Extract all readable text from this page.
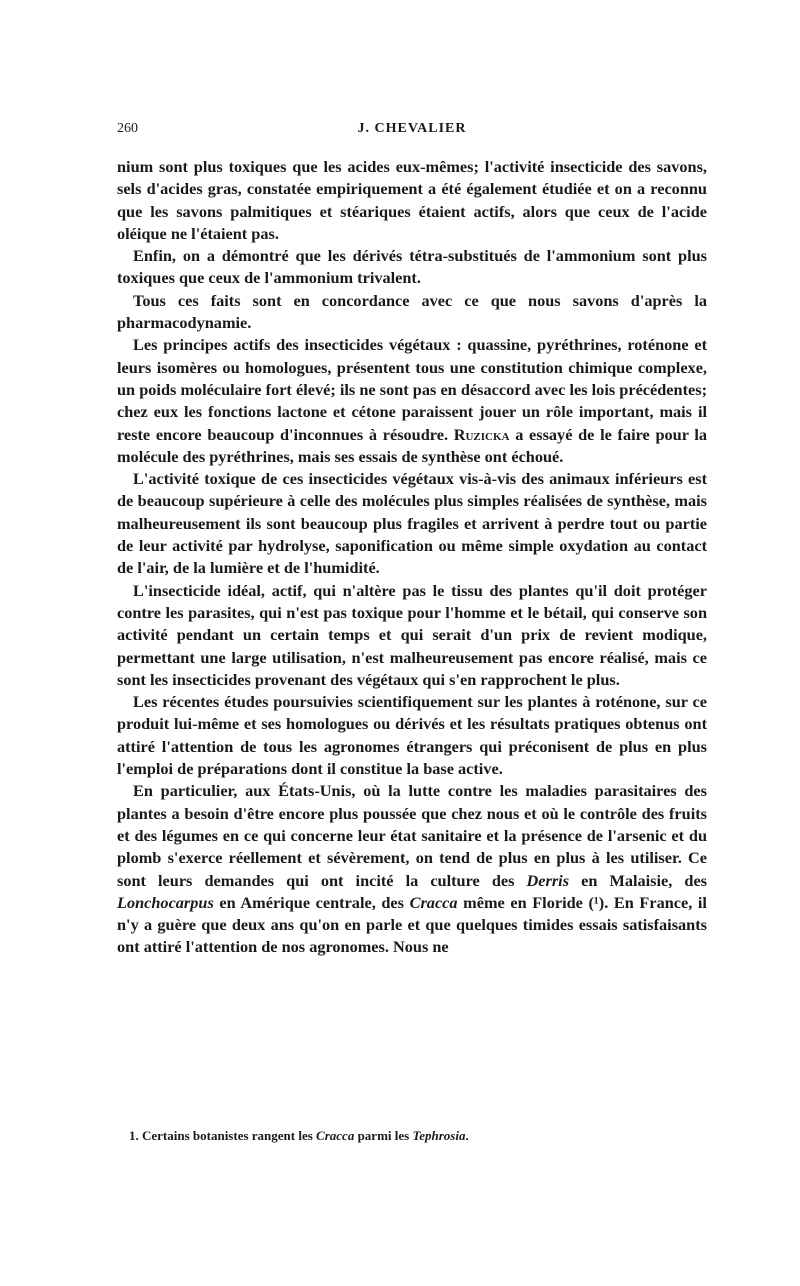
260	J. CHEVALIER

nium sont plus toxiques que les acides eux-mêmes; l'activité insecticide des savons, sels d'acides gras, constatée empiriquement a été également étudiée et on a reconnu que les savons palmitiques et stéariques étaient actifs, alors que ceux de l'acide oléique ne l'étaient pas.

Enfin, on a démontré que les dérivés tétra-substitués de l'ammonium sont plus toxiques que ceux de l'ammonium trivalent.

Tous ces faits sont en concordance avec ce que nous savons d'après la pharmacodynamie.

Les principes actifs des insecticides végétaux : quassine, pyréthrines, roténone et leurs isomères ou homologues, présentent tous une constitution chimique complexe, un poids moléculaire fort élevé; ils ne sont pas en désaccord avec les lois précédentes; chez eux les fonctions lactone et cétone paraissent jouer un rôle important, mais il reste encore beaucoup d'inconnues à résoudre. Ruzicka a essayé de le faire pour la molécule des pyréthrines, mais ses essais de synthèse ont échoué.

L'activité toxique de ces insecticides végétaux vis-à-vis des animaux inférieurs est de beaucoup supérieure à celle des molécules plus simples réalisées de synthèse, mais malheureusement ils sont beaucoup plus fragiles et arrivent à perdre tout ou partie de leur activité par hydrolyse, saponification ou même simple oxydation au contact de l'air, de la lumière et de l'humidité.

L'insecticide idéal, actif, qui n'altère pas le tissu des plantes qu'il doit protéger contre les parasites, qui n'est pas toxique pour l'homme et le bétail, qui conserve son activité pendant un certain temps et qui serait d'un prix de revient modique, permettant une large utilisation, n'est malheureusement pas encore réalisé, mais ce sont les insecticides provenant des végétaux qui s'en rapprochent le plus.

Les récentes études poursuivies scientifiquement sur les plantes à roténone, sur ce produit lui-même et ses homologues ou dérivés et les résultats pratiques obtenus ont attiré l'attention de tous les agronomes étrangers qui préconisent de plus en plus l'emploi de préparations dont il constitue la base active.

En particulier, aux États-Unis, où la lutte contre les maladies parasitaires des plantes a besoin d'être encore plus poussée que chez nous et où le contrôle des fruits et des légumes en ce qui concerne leur état sanitaire et la présence de l'arsenic et du plomb s'exerce réellement et sévèrement, on tend de plus en plus à les utiliser. Ce sont leurs demandes qui ont incité la culture des Derris en Malaisie, des Lonchocarpus en Amérique centrale, des Cracca même en Floride (¹). En France, il n'y a guère que deux ans qu'on en parle et que quelques timides essais satisfaisants ont attiré l'attention de nos agronomes. Nous ne

1. Certains botanistes rangent les Cracca parmi les Tephrosia.
